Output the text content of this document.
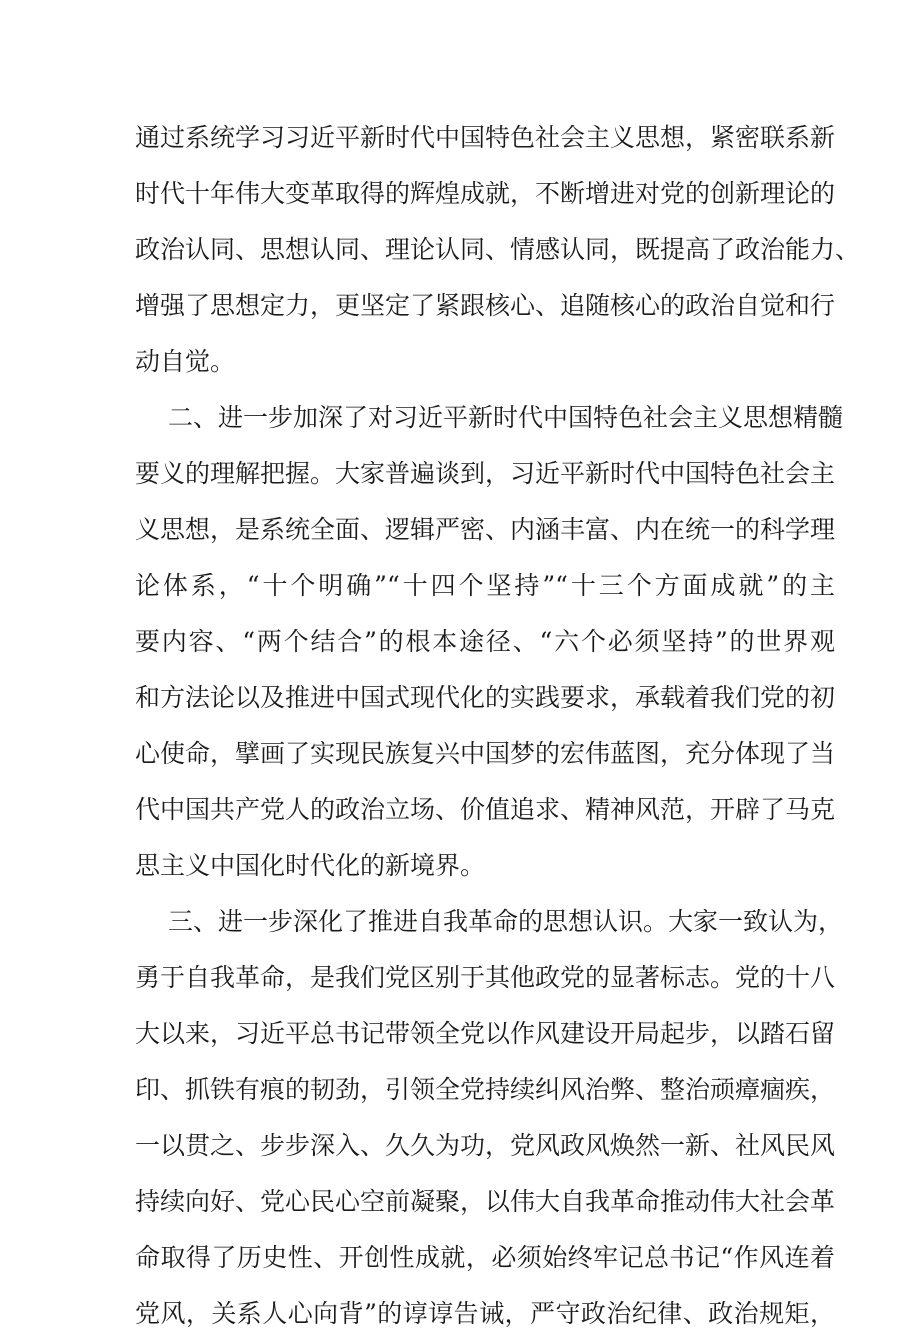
通过系统学习习近平新时代中国特色社会主义思想，紧密联系新
时代十年伟大变革取得的辉煌成就，不断增进对党的创新理论的
政治认同、思想认同、理论认同、情感认同，既提高了政治能力、
增强了思想定力，更坚定了紧跟核心、追随核心的政治自觉和行
动自觉。
二、进一步加深了对习近平新时代中国特色社会主义思想精髓
要义的理解把握。大家普遍谈到，习近平新时代中国特色社会主
义思想，是系统全面、逻辑严密、内涵丰富、内在统一的科学理
论体系，“十个明确”“十四个坚持”“十三个方面成就”的主
要内容、“两个结合”的根本途径、“六个必须坚持”的世界观
和方法论以及推进中国式现代化的实践要求，承载着我们党的初
心使命，擘画了实现民族复兴中国梦的宏伟蓝图，充分体现了当
代中国共产党人的政治立场、价值追求、精神风范，开辟了马克
思主义中国化时代化的新境界。
三、进一步深化了推进自我革命的思想认识。大家一致认为，
勇于自我革命，是我们党区别于其他政党的显著标志。党的十八
大以来，习近平总书记带领全党以作风建设开局起步，以踏石留
印、抓铁有痕的韧劲，引领全党持续纠风治弊、整治顽瘴痼疾，
一以贯之、步步深入、久久为功，党风政风焕然一新、社风民风
持续向好、党心民心空前凝聚，以伟大自我革命推动伟大社会革
命取得了历史性、开创性成就，必须始终牢记总书记“作风连着
党风，关系人心向背”的谆谆告诫，严守政治纪律、政治规矩，
